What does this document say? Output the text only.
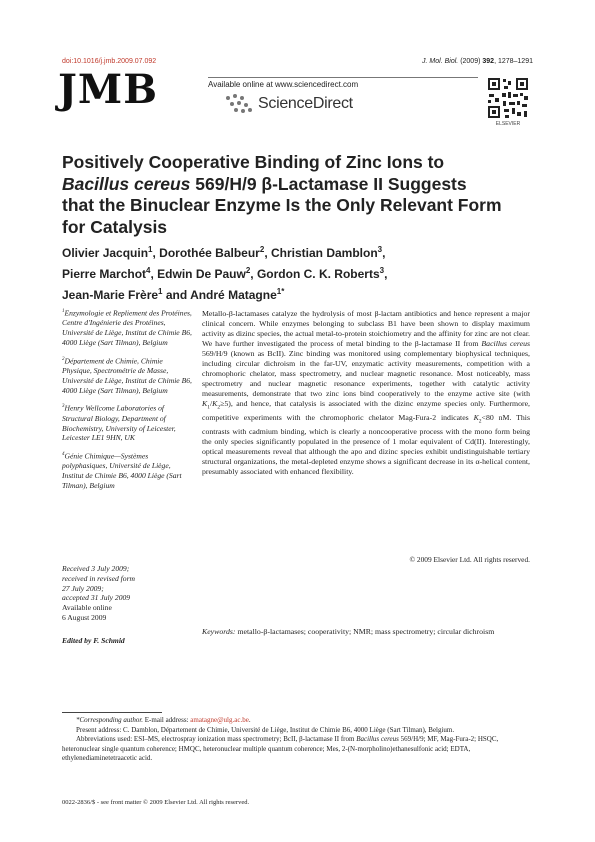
doi:10.1016/j.jmb.2009.07.092	J. Mol. Biol. (2009) 392, 1278–1291
JMB	Available online at www.sciencedirect.com
ScienceDirect
ELSEVIER
Positively Cooperative Binding of Zinc Ions to
Bacillus cereus 569/H/9 β-Lactamase II Suggests
that the Binuclear Enzyme Is the Only Relevant Form
for Catalysis
Olivier Jacquin$^1$, Dorothée Balbeur$^2$, Christian Damblon$^3$,
Pierre Marchot$^4$, Edwin De Pauw$^2$, Gordon C. K. Roberts$^3$,
Jean-Marie Frère$^1$ and André Matagne$^{1*}$

$^1$Enzymologie et Repliement des Protéines, Centre d'Ingénierie des Protéines, Université de Liège, Institut de Chimie B6, 4000 Liège (Sart Tilman), Belgium

$^2$Département de Chimie, Chimie Physique, Spectrométrie de Masse, Université de Liège, Institut de Chimie B6, 4000 Liège (Sart Tilman), Belgium

$^3$Henry Wellcome Laboratories of Structural Biology, Department of Biochemistry, University of Leicester, Leicester LE1 9HN, UK

$^4$Génie Chimique—Systèmes polyphasiques, Université de Liège, Institut de Chimie B6, 4000 Liège (Sart Tilman), Belgium

Received 3 July 2009;
received in revised form
27 July 2009;
accepted 31 July 2009
Available online
6 August 2009
Edited by F. Schmid

Metallo-β-lactamases catalyze the hydrolysis of most β-lactam antibiotics and hence represent a major clinical concern. While enzymes belonging to subclass B1 have been shown to display maximum activity as dizinc species, the actual metal-to-protein stoichiometry and the affinity for zinc are not clear. We have further investigated the process of metal binding to the β-lactamase II from Bacillus cereus 569/H/9 (known as BcII). Zinc binding was monitored using complementary biophysical techniques, including circular dichroism in the far-UV, enzymatic activity measurements, competition with a chromophoric chelator, mass spectrometry, and nuclear magnetic resonance. Most noticeably, mass spectrometry and nuclear magnetic resonance experiments, together with catalytic activity measurements, demonstrate that two zinc ions bind cooperatively to the enzyme active site (with $K_1/K_2\ge 5$), and hence, that catalysis is associated with the dizinc enzyme species only. Furthermore, competitive experiments with the chromophoric chelator Mag-Fura-2 indicates $K_2<80$ nM. This contrasts with cadmium binding, which is clearly a noncooperative process with the mono form being the only species significantly populated in the presence of 1 molar equivalent of Cd(II). Interestingly, optical measurements reveal that although the apo and dizinc species exhibit undistinguishable tertiary structural organizations, the metal-depleted enzyme shows a significant decrease in its α-helical content, presumably associated with enhanced flexibility.

© 2009 Elsevier Ltd. All rights reserved.
Keywords: metallo-β-lactamases; cooperativity; NMR; mass spectrometry; circular dichroism

*Corresponding author. E-mail address: amatagne@ulg.ac.be.

Present address: C. Damblon, Département de Chimie, Université de Liège, Institut de Chimie B6, 4000 Liège (Sart Tilman), Belgium.

Abbreviations used: ESI–MS, electrospray ionization mass spectrometry; BcII, β-lactamase II from Bacillus cereus 569/H/9; MF, Mag-Fura-2; HSQC, heteronuclear single quantum coherence; HMQC, heteronuclear multiple quantum coherence; Mes, 2-(N-morpholino)ethanesulfonic acid; EDTA, ethylenediaminetetraacetic acid.

0022-2836/$ - see front matter © 2009 Elsevier Ltd. All rights reserved.
